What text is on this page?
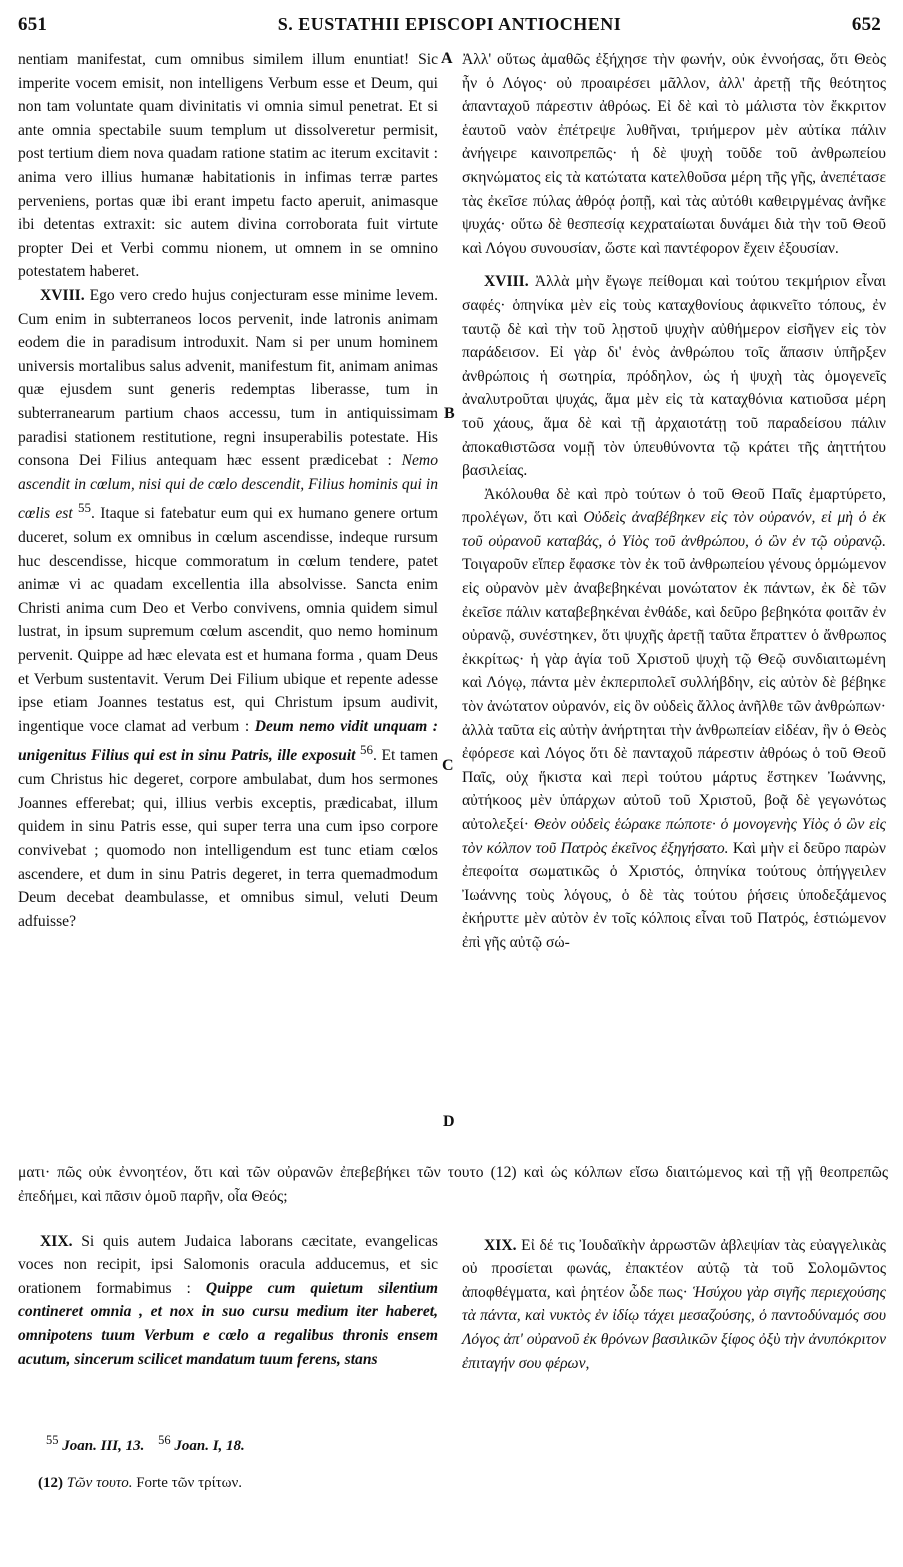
651	S. EUSTATHII EPISCOPI ANTIOCHENI	652
A
B
C
D

nentiam manifestat, cum omnibus similem illum enuntiat! Sic imperite vocem emisit, non intelligens Verbum esse et Deum, qui non tam voluntate quam divinitatis vi omnia simul penetrat. Et si ante omnia spectabile suum templum ut dissolveretur permisit, post tertium diem nova quadam ratione statim ac iterum excitavit : anima vero illius humanæ habitationis in infimas terræ partes perveniens, portas quæ ibi erant impetu facto aperuit, animasque ibi detentas extraxit: sic autem divina corroborata fuit virtute propter Dei et Verbi commu nionem, ut omnem in se omnino potestatem haberet.

XVIII. Ego vero credo hujus conjecturam esse minime levem. Cum enim in subterraneos locos pervenit, inde latronis animam eodem die in paradisum introduxit. Nam si per unum hominem universis mortalibus salus advenit, manifestum fit, animam animas quæ ejusdem sunt generis redemptas liberasse, tum in subterranearum partium chaos accessu, tum in antiquissimam paradisi stationem restitutione, regni insuperabilis potestate. His consona Dei Filius antequam hæc essent prædicebat : Nemo ascendit in cœlum, nisi qui de cœlo descendit, Filius hominis qui in cœlis est $^{55}$. Itaque si fatebatur eum qui ex humano genere ortum duceret, solum ex omnibus in cœlum ascendisse, indeque rursum huc descendisse, hicque commoratum in cœlum tendere, patet animæ vi ac quadam excellentia illa absolvisse. Sancta enim Christi anima cum Deo et Verbo convivens, omnia quidem simul lustrat, in ipsum supremum cœlum ascendit, quo nemo hominum pervenit. Quippe ad hæc elevata est et humana forma , quam Deus et Verbum sustentavit. Verum Dei Filium ubique et repente adesse ipse etiam Joannes testatus est, qui Christum ipsum audivit, ingentique voce clamat ad verbum : Deum nemo vidit unquam : unigenitus Filius qui est in sinu Patris, ille exposuit $^{56}$. Et tamen cum Christus hic degeret, corpore ambulabat, dum hos sermones Joannes efferebat; qui, illius verbis exceptis, prædicabat, illum quidem in sinu Patris esse, qui super terra una cum ipso corpore convivebat ; quomodo non intelligendum est tunc etiam cœlos ascendere, et dum in sinu Patris degeret, in terra quemadmodum Deum decebat deambulasse, et omnibus simul, veluti Deum adfuisse?

Ἀλλ' οὕτως ἀμαθῶς ἐξήχησε τὴν φωνήν, οὐκ ἐννοήσας, ὅτι Θεὸς ἦν ὁ Λόγος· οὐ προαιρέσει μᾶλλον, ἀλλ' ἀρετῇ τῆς θεότητος ἁπανταχοῦ πάρεστιν ἀθρόως. Εἰ δὲ καὶ τὸ μάλιστα τὸν ἔκκριτον ἑαυτοῦ ναὸν ἐπέτρεψε λυθῆναι, τριήμερον μὲν αὐτίκα πάλιν ἀνήγειρε καινοπρεπῶς· ἡ δὲ ψυχὴ τοῦδε τοῦ ἀνθρωπείου σκηνώματος εἰς τὰ κατώτατα κατελθοῦσα μέρη τῆς γῆς, ἀνεπέτασε τὰς ἐκεῖσε πύλας ἀθρόᾳ ῥοπῇ, καὶ τὰς αὐτόθι καθειργμένας ἀνῆκε ψυχάς· οὕτω δὲ θεσπεσίᾳ κεχραταίωται δυνάμει διὰ τὴν τοῦ Θεοῦ καὶ Λόγου συνουσίαν, ὥστε καὶ παντέφορον ἔχειν ἐξουσίαν.

XVIII. Ἀλλὰ μὴν ἔγωγε πείθομαι καὶ τούτου τεκμήριον εἶναι σαφές· ὁπηνίκα μὲν εἰς τοὺς καταχθονίους ἀφικνεῖτο τόπους, ἐν ταυτῷ δὲ καὶ τὴν τοῦ λῃστοῦ ψυχὴν αὐθήμερον εἰσῆγεν εἰς τὸν παράδεισον. Εἰ γὰρ δι' ἑνὸς ἀνθρώπου τοῖς ἅπασιν ὑπῆρξεν ἀνθρώποις ἡ σωτηρία, πρόδηλον, ὡς ἡ ψυχὴ τὰς ὁμογενεῖς ἀναλυτροῦται ψυχάς, ἅμα μὲν εἰς τὰ καταχθόνια κατιοῦσα μέρη τοῦ χάους, ἅμα δὲ καὶ τῇ ἀρχαιοτάτῃ τοῦ παραδείσου πάλιν ἀποκαθιστῶσα νομῇ τὸν ὑπευθύνοντα τῷ κράτει τῆς ἀηττήτου βασιλείας.

Ἀκόλουθα δὲ καὶ πρὸ τούτων ὁ τοῦ Θεοῦ Παῖς ἐμαρτύρετο, προλέγων, ὅτι καὶ Οὐδεὶς ἀναβέβηκεν εἰς τὸν οὐρανόν, εἰ μὴ ὁ ἐκ τοῦ οὐρανοῦ καταβάς, ὁ Υἱὸς τοῦ ἀνθρώπου, ὁ ὢν ἐν τῷ οὐρανῷ. Τοιγαροῦν εἴπερ ἔφασκε τὸν ἐκ τοῦ ἀνθρωπείου γένους ὁρμώμενον εἰς οὐρανὸν μὲν ἀναβεβηκέναι μονώτατον ἐκ πάντων, ἐκ δὲ τῶν ἐκεῖσε πάλιν καταβεβηκέναι ἐνθάδε, καὶ δεῦρο βεβηκότα φοιτᾶν ἐν οὐρανῷ, συνέστηκεν, ὅτι ψυχῆς ἀρετῇ ταῦτα ἔπραττεν ὁ ἄνθρωπος ἐκκρίτως· ἡ γὰρ ἁγία τοῦ Χριστοῦ ψυχὴ τῷ Θεῷ συνδιαιτωμένη καὶ Λόγῳ, πάντα μὲν ἐκπεριπολεῖ συλλήβδην, εἰς αὐτὸν δὲ βέβηκε τὸν ἀνώτατον οὐρανόν, εἰς ὃν οὐδεὶς ἄλλος ἀνῆλθε τῶν ἀνθρώπων· ἀλλὰ ταῦτα εἰς αὐτὴν ἀνήρτηται τὴν ἀνθρωπείαν εἰδέαν, ἣν ὁ Θεὸς ἐφόρεσε καὶ Λόγος ὅτι δὲ πανταχοῦ πάρεστιν ἀθρόως ὁ τοῦ Θεοῦ Παῖς, οὐχ ἥκιστα καὶ περὶ τούτου μάρτυς ἕστηκεν Ἰωάννης, αὐτήκοος μὲν ὑπάρχων αὐτοῦ τοῦ Χριστοῦ, βοᾷ δὲ γεγωνότως αὐτολεξεί· Θεὸν οὐδεὶς ἑώρακε πώποτε· ὁ μονογενὴς Υἱὸς ὁ ὢν εἰς τὸν κόλπον τοῦ Πατρὸς ἐκεῖνος ἐξηγήσατο. Καὶ μὴν εἰ δεῦρο παρὼν ἐπεφοίτα σωματικῶς ὁ Χριστός, ὁπηνίκα τούτους ὀπήγγειλεν Ἰωάννης τοὺς λόγους, ὁ δὲ τὰς τούτου ῥήσεις ὑποδεξάμενος ἐκήρυττε μὲν αὐτὸν ἐν τοῖς κόλποις εἶναι τοῦ Πατρός, ἑστιώμενον ἐπὶ γῆς αὐτῷ σώ-

ματι· πῶς οὐκ ἐννοητέον, ὅτι καὶ τῶν οὐρανῶν ἐπεβεβήκει τῶν τουτο (12) καὶ ὡς κόλπων εἴσω διαιτώμενος καὶ τῇ γῇ θεοπρεπῶς ἐπεδήμει, καὶ πᾶσιν ὁμοῦ παρῆν, οἷα Θεός;

XIX. Si quis autem Judaica laborans cæcitate, evangelicas voces non recipit, ipsi Salomonis oracula adducemus, et sic orationem formabimus : Quippe cum quietum silentium contineret omnia , et nox in suo cursu medium iter haberet, omnipotens tuum Verbum e cœlo a regalibus thronis ensem acutum, sincerum scilicet mandatum tuum ferens, stans

XIX. Εἰ δέ τις Ἰουδαϊκὴν ἀρρωστῶν ἀβλεψίαν τὰς εὐαγγελικὰς οὐ προσίεται φωνάς, ἐπακτέον αὐτῷ τὰ τοῦ Σολομῶντος ἀποφθέγματα, καὶ ῥητέον ὧδε πως· Ἡσύχου γὰρ σιγῆς περιεχούσης τὰ πάντα, καὶ νυκτὸς ἐν ἰδίῳ τάχει μεσαζούσης, ὁ παντοδύναμός σου Λόγος ἀπ' οὐρανοῦ ἐκ θρόνων βασιλικῶν ξίφος ὀξὺ τὴν ἀνυπόκριτον ἐπιταγήν σου φέρων,

$^{55}$ Joan. III, 13. $^{56}$ Joan. I, 18.
(12) Τῶν τουτο. Forte τῶν τρίτων.
